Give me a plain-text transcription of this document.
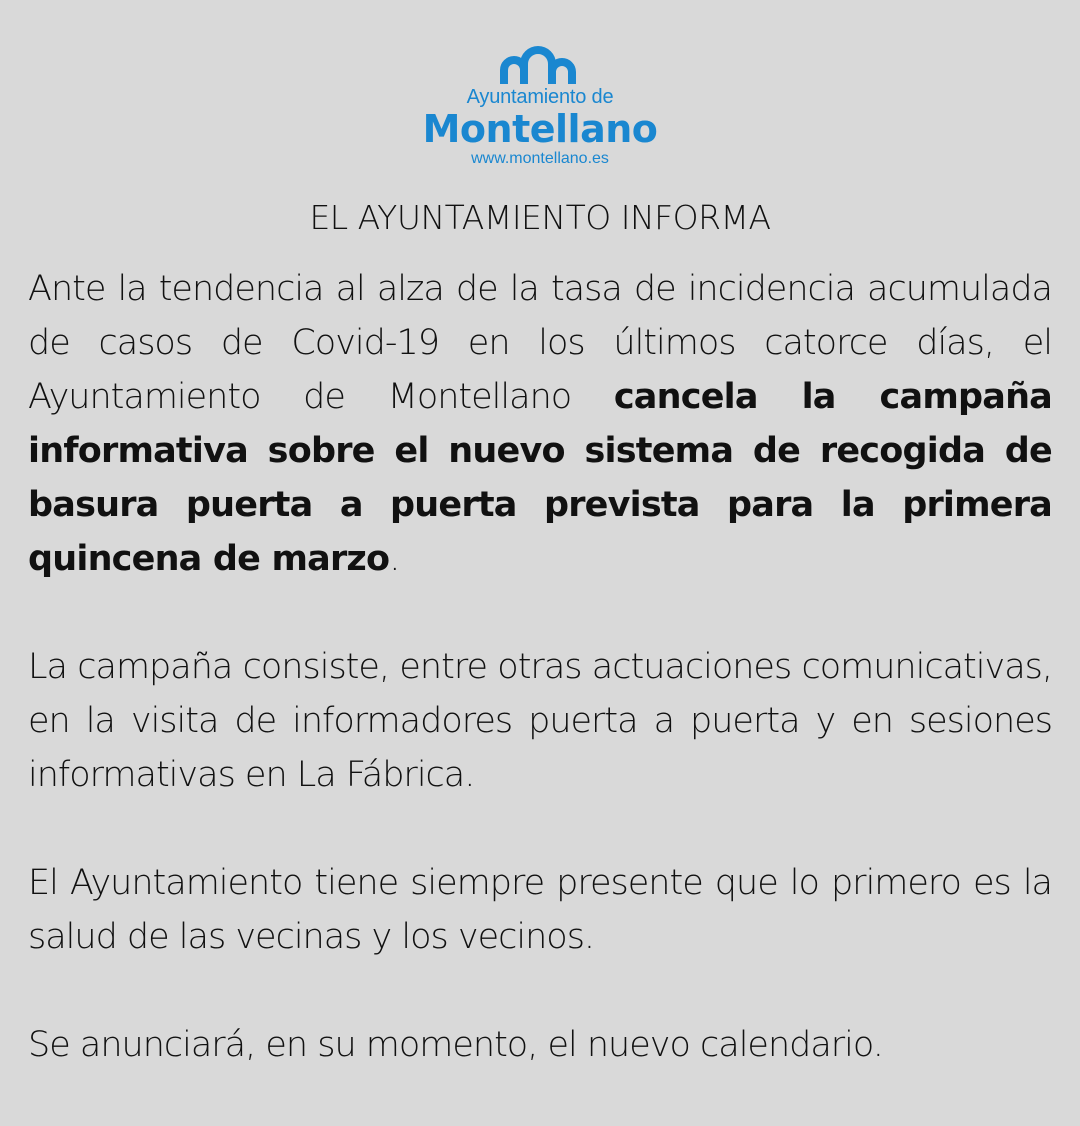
Ayuntamiento de
Montellano
www.montellano.es
EL AYUNTAMIENTO INFORMA

Ante la tendencia al alza de la tasa de incidencia acumulada de casos de Covid-19 en los últimos catorce días, el Ayuntamiento de Montellano cancela la campaña informativa sobre el nuevo sistema de recogida de basura puerta a puerta prevista para la primera quincena de marzo.

La campaña consiste, entre otras actuaciones comunicativas, en la visita de informadores puerta a puerta y en sesiones informativas en La Fábrica.

El Ayuntamiento tiene siempre presente que lo primero es la salud de las vecinas y los vecinos.

Se anunciará, en su momento, el nuevo calendario.
